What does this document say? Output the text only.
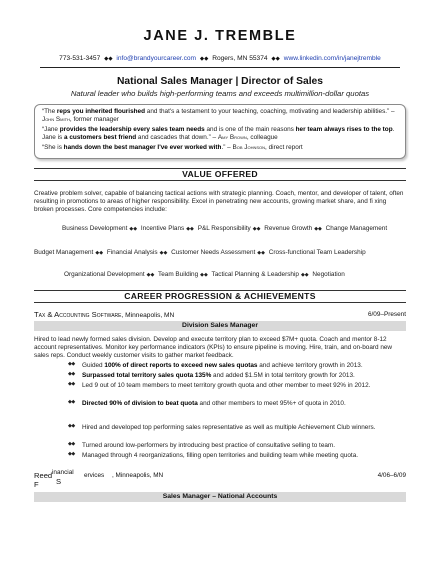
JANE J. TREMBLE
773-531-3457 ◆◆ info@brandyourcareer.com ◆◆ Rogers, MN 55374 ◆◆ www.linkedin.com/in/janejtremble
National Sales Manager | Director of Sales
Natural leader who builds high-performing teams and exceeds multimillion-dollar quotas

“The reps you inherited flourished and that's a testament to your teaching, coaching, motivating and leadership abilities.” – John Smith, former manager

“Jane provides the leadership every sales team needs and is one of the main reasons her team always rises to the top. Jane is a customers best friend and cascades that down.” – Amy Brown, colleague

“She is hands down the best manager I've ever worked with.” – Bob Johnson, direct report

VALUE OFFERED
Creative problem solver, capable of balancing tactical actions with strategic planning. Coach, mentor, and developer of talent, often resulting in promotions to areas of higher responsibility. Excel in penetrating new accounts, growing market share, and fi xing broken processes. Core competencies include:
Business Development ◆◆ Incentive Plans ◆◆ P&L Responsibility ◆◆ Revenue Growth ◆◆ Change Management
Budget Management ◆◆ Financial Analysis ◆◆ Customer Needs Assessment ◆◆ Cross-functional Team Leadership
Organizational Development ◆◆ Team Building ◆◆ Tactical Planning & Leadership ◆◆ Negotiation
CAREER PROGRESSION & ACHIEVEMENTS
Tax & Accounting Software, Minneapolis, MN	6/09–Present
Division Sales Manager
Hired to lead newly formed sales division. Develop and execute territory plan to exceed $7M+ quota. Coach and mentor 8-12 account representatives. Monitor key performance indicators (KPIs) to ensure pipeline is moving. Hire, train, and on-board new sales reps. Conduct weekly customer visits to gather market feedback.
◆◆ Guided 100% of direct reports to exceed new sales quotas and achieve territory growth in 2013.
◆◆ Surpassed total territory sales quota 135% and added $1.5M in total territory growth for 2013.
◆◆ Led 9 out of 10 team members to meet territory growth quota and other member to meet 92% in 2012.
◆◆ Directed 90% of division to beat quota and other members to meet 95%+ of quota in 2010.
◆◆ Hired and developed top performing sales representative as well as multiple Achievement Club winners.
◆◆ Turned around low-performers by introducing best practice of consultative selling to team.
◆◆ Managed through 4 reorganizations, filling open territories and building team while meeting quota.
Reed inancial
F
ervices
S
, Minneapolis, MN	4/06–6/09
Sales Manager – National Accounts
